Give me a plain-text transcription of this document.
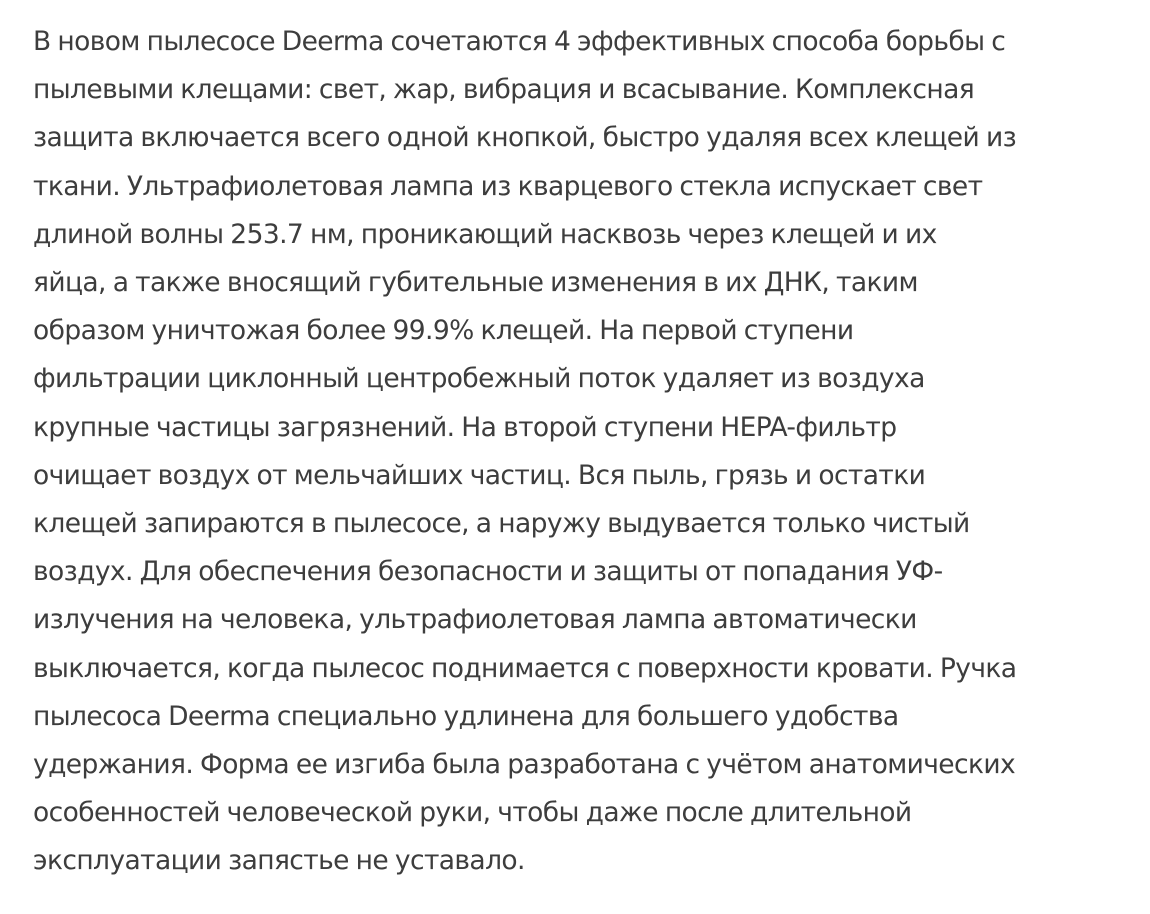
В новом пылесосе Deerma сочетаются 4 эффективных способа борьбы с
пылевыми клещами: свет, жар, вибрация и всасывание. Комплексная
защита включается всего одной кнопкой, быстро удаляя всех клещей из
ткани. Ультрафиолетовая лампа из кварцевого стекла испускает свет
длиной волны 253.7 нм, проникающий насквозь через клещей и их
яйца, а также вносящий губительные изменения в их ДНК, таким
образом уничтожая более 99.9% клещей. На первой ступени
фильтрации циклонный центробежный поток удаляет из воздуха
крупные частицы загрязнений. На второй ступени HEPA-фильтр
очищает воздух от мельчайших частиц. Вся пыль, грязь и остатки
клещей запираются в пылесосе, а наружу выдувается только чистый
воздух. Для обеспечения безопасности и защиты от попадания УФ-
излучения на человека, ультрафиолетовая лампа автоматически
выключается, когда пылесос поднимается с поверхности кровати. Ручка
пылесоса Deerma специально удлинена для большего удобства
удержания. Форма ее изгиба была разработана с учётом анатомических
особенностей человеческой руки, чтобы даже после длительной
эксплуатации запястье не уставало.
